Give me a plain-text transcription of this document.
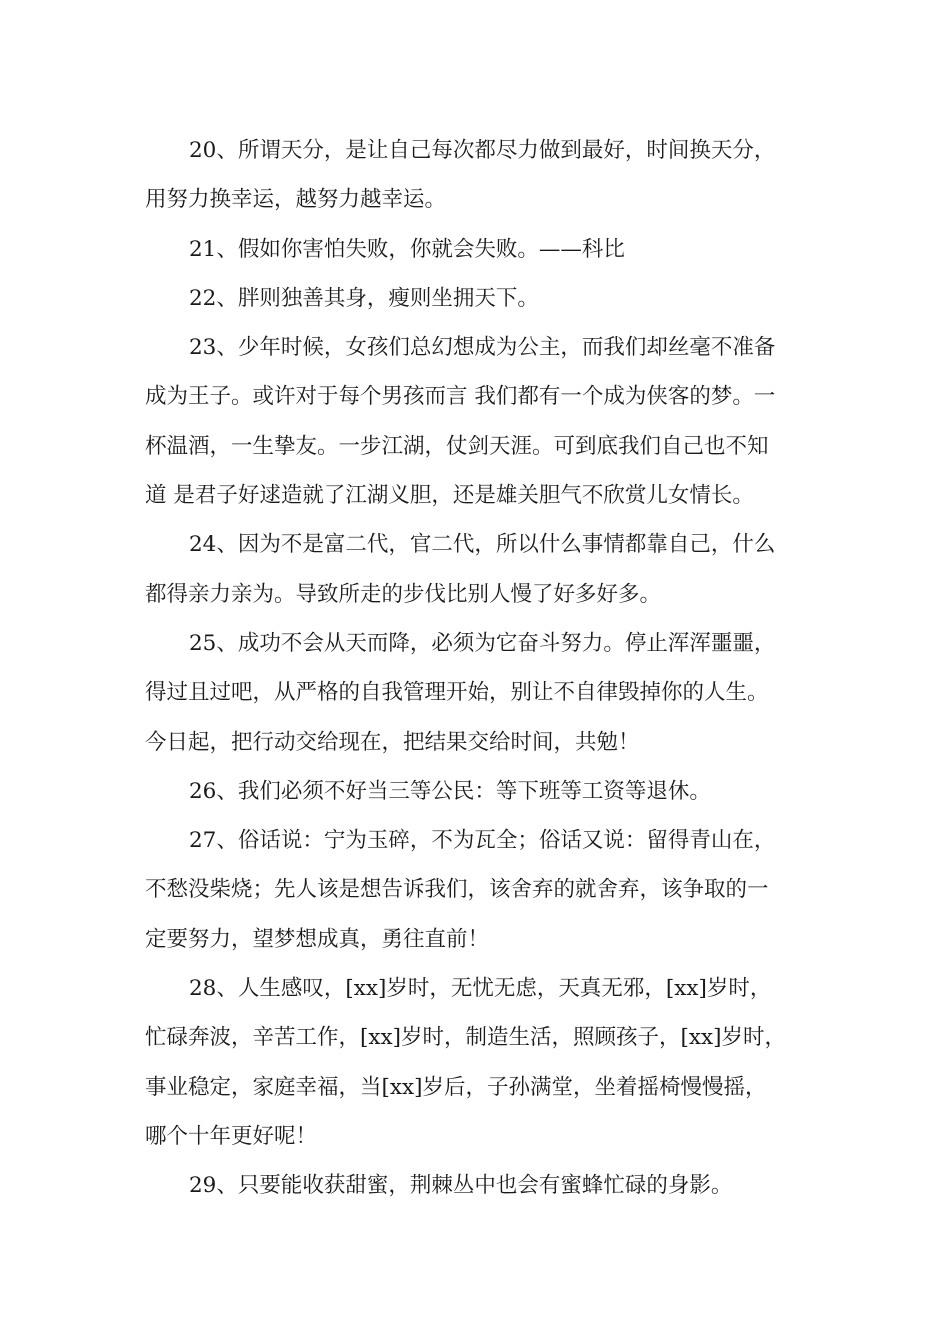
20、所谓天分，是让自己每次都尽力做到最好，时间换天分，
用努力换幸运，越努力越幸运。
21、假如你害怕失败，你就会失败。——科比
22、胖则独善其身，瘦则坐拥天下。
23、少年时候，女孩们总幻想成为公主，而我们却丝毫不准备
成为王子。或许对于每个男孩而言 我们都有一个成为侠客的梦。一
杯温酒，一生挚友。一步江湖，仗剑天涯。可到底我们自己也不知
道 是君子好逑造就了江湖义胆，还是雄关胆气不欣赏儿女情长。
24、因为不是富二代，官二代，所以什么事情都靠自己，什么
都得亲力亲为。导致所走的步伐比别人慢了好多好多。
25、成功不会从天而降，必须为它奋斗努力。停止浑浑噩噩，
得过且过吧，从严格的自我管理开始，别让不自律毁掉你的人生。
今日起，把行动交给现在，把结果交给时间，共勉！
26、我们必须不好当三等公民：等下班等工资等退休。
27、俗话说：宁为玉碎，不为瓦全；俗话又说：留得青山在，
不愁没柴烧；先人该是想告诉我们，该舍弃的就舍弃，该争取的一
定要努力，望梦想成真，勇往直前！
28、人生感叹，[xx]岁时，无忧无虑，天真无邪，[xx]岁时，
忙碌奔波，辛苦工作，[xx]岁时，制造生活，照顾孩子，[xx]岁时，
事业稳定，家庭幸福，当[xx]岁后，子孙满堂，坐着摇椅慢慢摇，
哪个十年更好呢！
29、只要能收获甜蜜，荆棘丛中也会有蜜蜂忙碌的身影。
